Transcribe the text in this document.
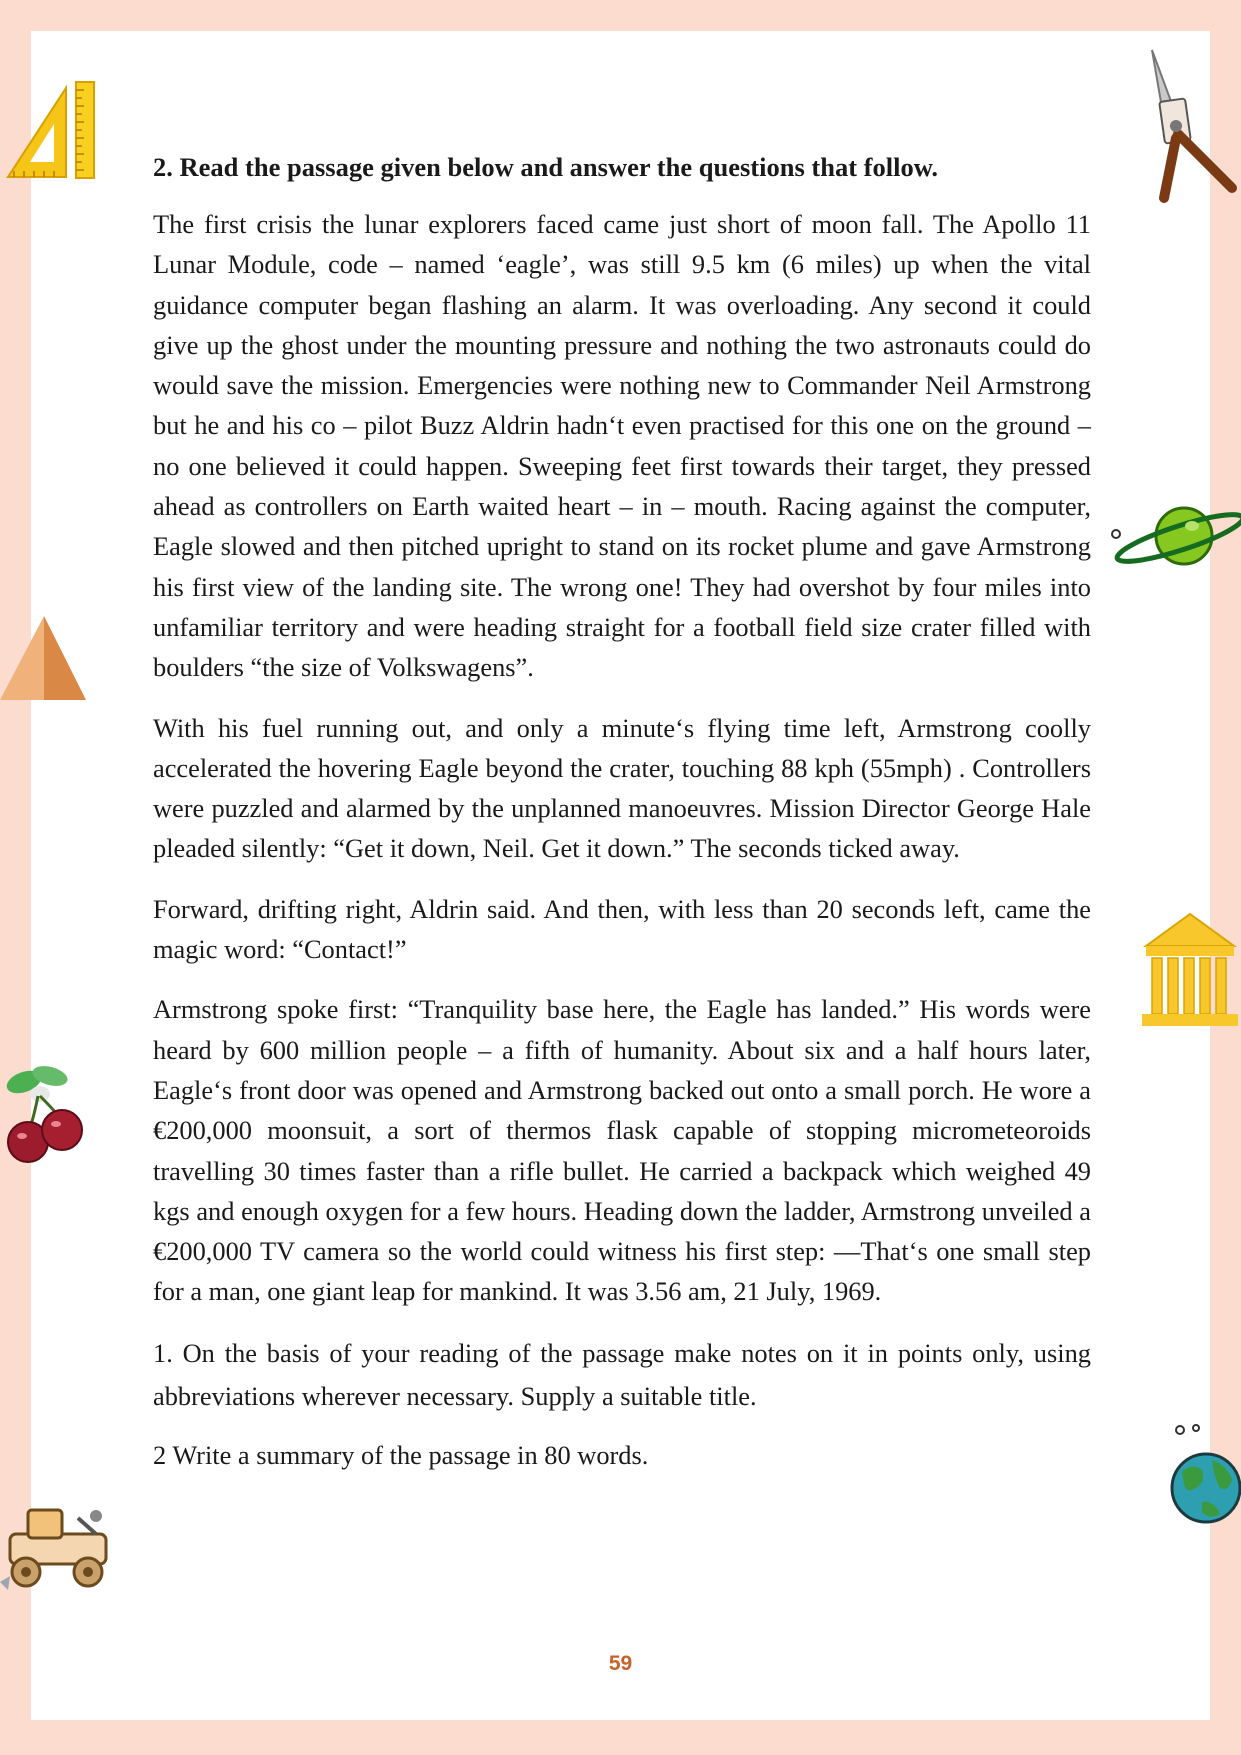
2. Read the passage given below and answer the questions that follow.

The first crisis the lunar explorers faced came just short of moon fall. The Apollo 11 Lunar Module, code – named ‘eagle’, was still 9.5 km (6 miles) up when the vital guidance computer began flashing an alarm. It was overloading. Any second it could give up the ghost under the mounting pressure and nothing the two astronauts could do would save the mission. Emergencies were nothing new to Commander Neil Armstrong but he and his co – pilot Buzz Aldrin hadn‘t even practised for this one on the ground – no one believed it could happen. Sweeping feet first towards their target, they pressed ahead as controllers on Earth waited heart – in – mouth. Racing against the computer, Eagle slowed and then pitched upright to stand on its rocket plume and gave Armstrong his first view of the landing site. The wrong one! They had overshot by four miles into unfamiliar territory and were heading straight for a football field size crater filled with boulders “the size of Volkswagens”.

With his fuel running out, and only a minute‘s flying time left, Armstrong coolly accelerated the hovering Eagle beyond the crater, touching 88 kph (55mph) . Controllers were puzzled and alarmed by the unplanned manoeuvres. Mission Director George Hale pleaded silently: “Get it down, Neil. Get it down.” The seconds ticked away.

Forward, drifting right, Aldrin said. And then, with less than 20 seconds left, came the magic word: “Contact!”

Armstrong spoke first: “Tranquility base here, the Eagle has landed.” His words were heard by 600 million people – a fifth of humanity. About six and a half hours later, Eagle‘s front door was opened and Armstrong backed out onto a small porch. He wore a €200,000 moonsuit, a sort of thermos flask capable of stopping micrometeoroids travelling 30 times faster than a rifle bullet. He carried a backpack which weighed 49 kgs and enough oxygen for a few hours. Heading down the ladder, Armstrong unveiled a €200,000 TV camera so the world could witness his first step: ―That‘s one small step for a man, one giant leap for mankind. It was 3.56 am, 21 July, 1969.

1. On the basis of your reading of the passage make notes on it in points only, using abbreviations wherever necessary. Supply a suitable title.

2 Write a summary of the passage in 80 words.

59
